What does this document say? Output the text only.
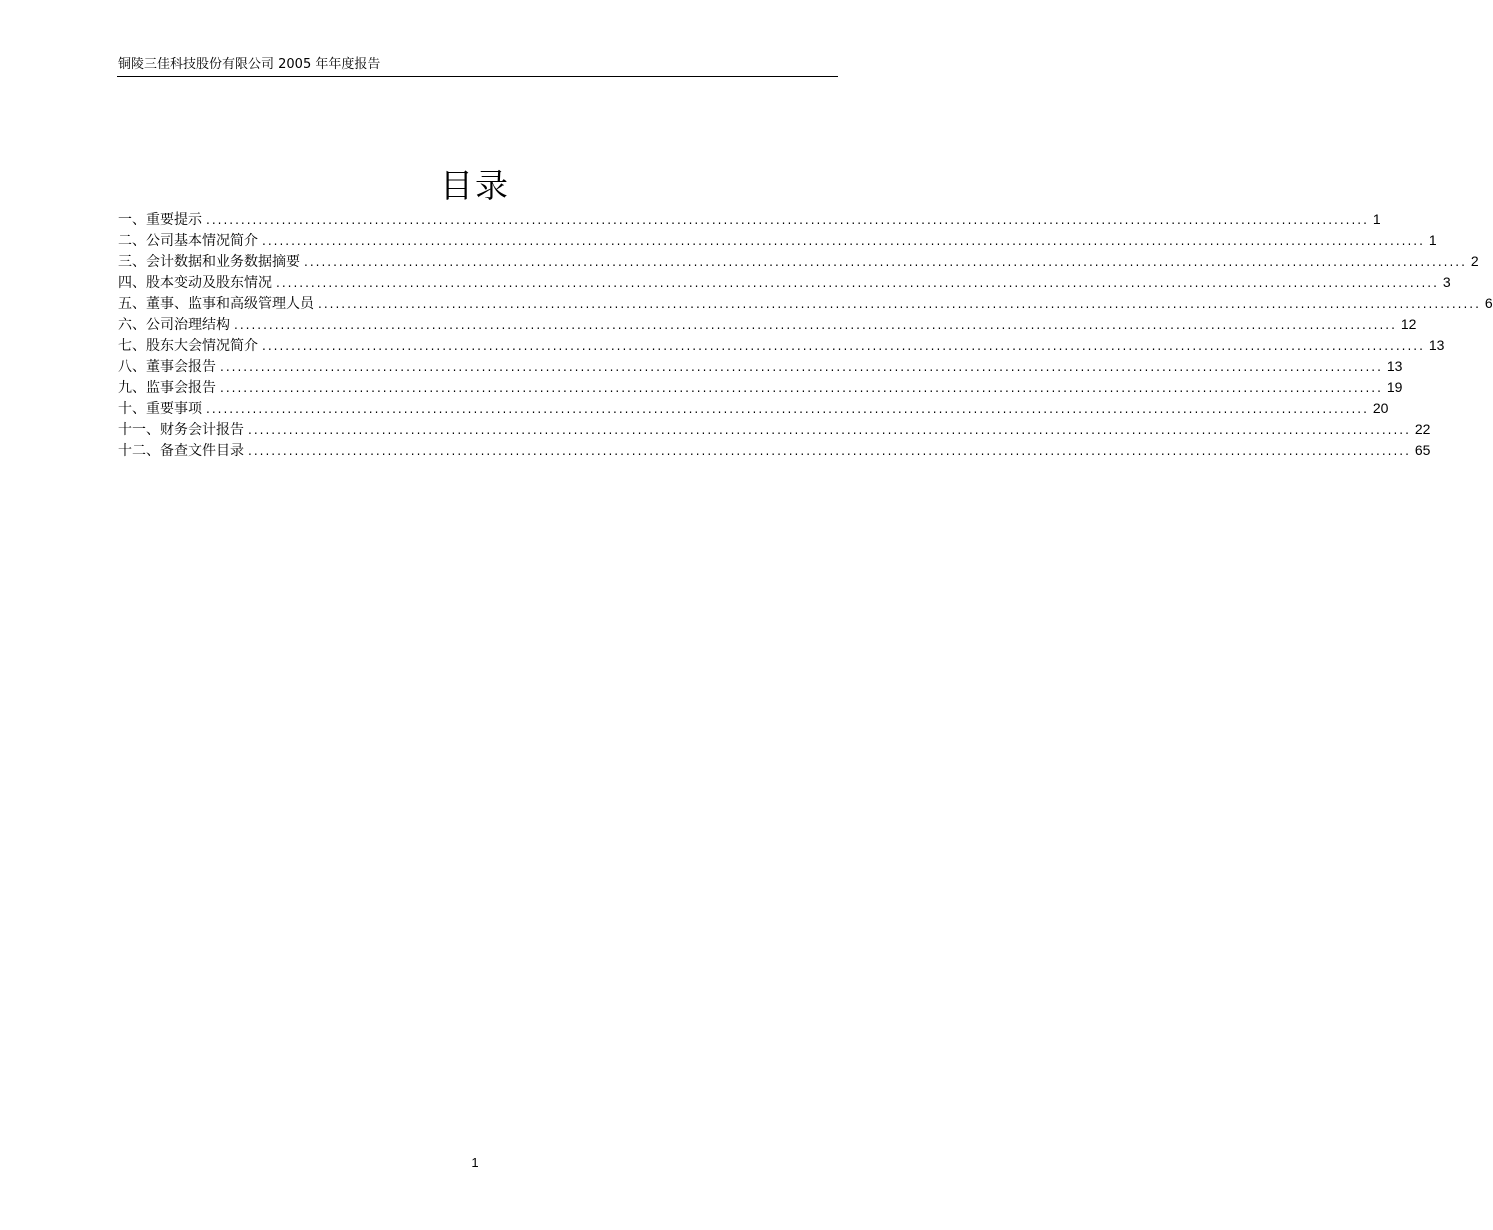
铜陵三佳科技股份有限公司 2005 年年度报告
目录
一、重要提示 ........................................................................................................................................................................................................ 1
二、公司基本情况简介 ........................................................................................................................................................................................................ 1
三、会计数据和业务数据摘要 ........................................................................................................................................................................................................ 2
四、股本变动及股东情况 ........................................................................................................................................................................................................ 3
五、董事、监事和高级管理人员 ........................................................................................................................................................................................................ 6
六、公司治理结构 ........................................................................................................................................................................................................ 12
七、股东大会情况简介 ........................................................................................................................................................................................................ 13
八、董事会报告 ........................................................................................................................................................................................................ 13
九、监事会报告 ........................................................................................................................................................................................................ 19
十、重要事项 ........................................................................................................................................................................................................ 20
十一、财务会计报告 ........................................................................................................................................................................................................ 22
十二、备查文件目录 ........................................................................................................................................................................................................ 65
1
